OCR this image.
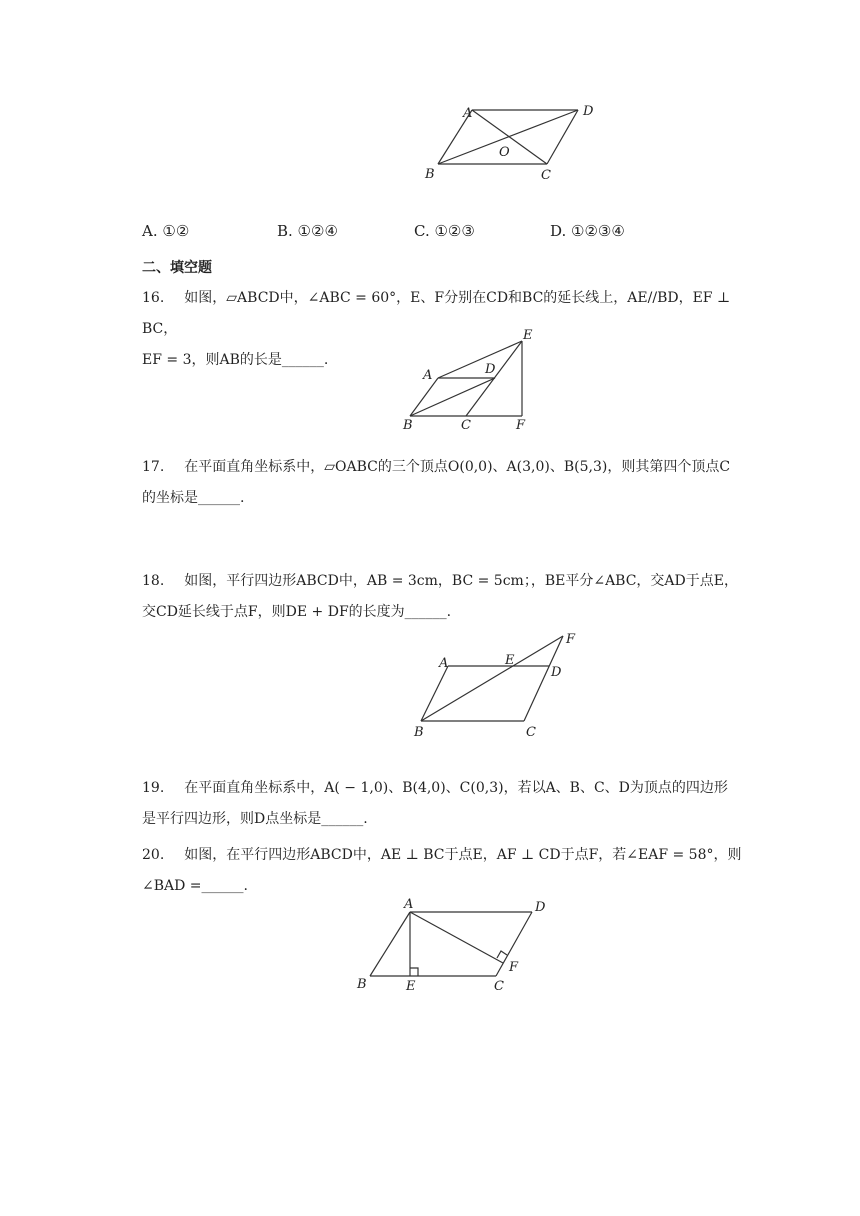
A	D
O
B	C
A. ①②	B. ①②④	C. ①②③	D. ①②③④
二、填空题
16. 如图，▱ABCD中，∠ABC = 60°，E、F分别在CD和BC的延长线上，AE//BD，EF ⊥ BC，
EF = 3，则AB的长是______.
A	D
E
B	C	F
17. 在平面直角坐标系中，▱OABC的三个顶点O(0,0)、A(3,0)、B(5,3)，则其第四个顶点C
的坐标是______.
18. 如图，平行四边形ABCD中，AB = 3cm，BC = 5cm；，BE平分∠ABC，交AD于点E，
交CD延长线于点F，则DE + DF的长度为______.
A	E
D
F
B	C
19. 在平面直角坐标系中，A( − 1,0)、B(4,0)、C(0,3)，若以A、B、C、D为顶点的四边形
是平行四边形，则D点坐标是______.
20. 如图，在平行四边形ABCD中，AE ⊥ BC于点E，AF ⊥ CD于点F，若∠EAF = 58°，则
∠BAD =______.
A	D
F
B	E	C
